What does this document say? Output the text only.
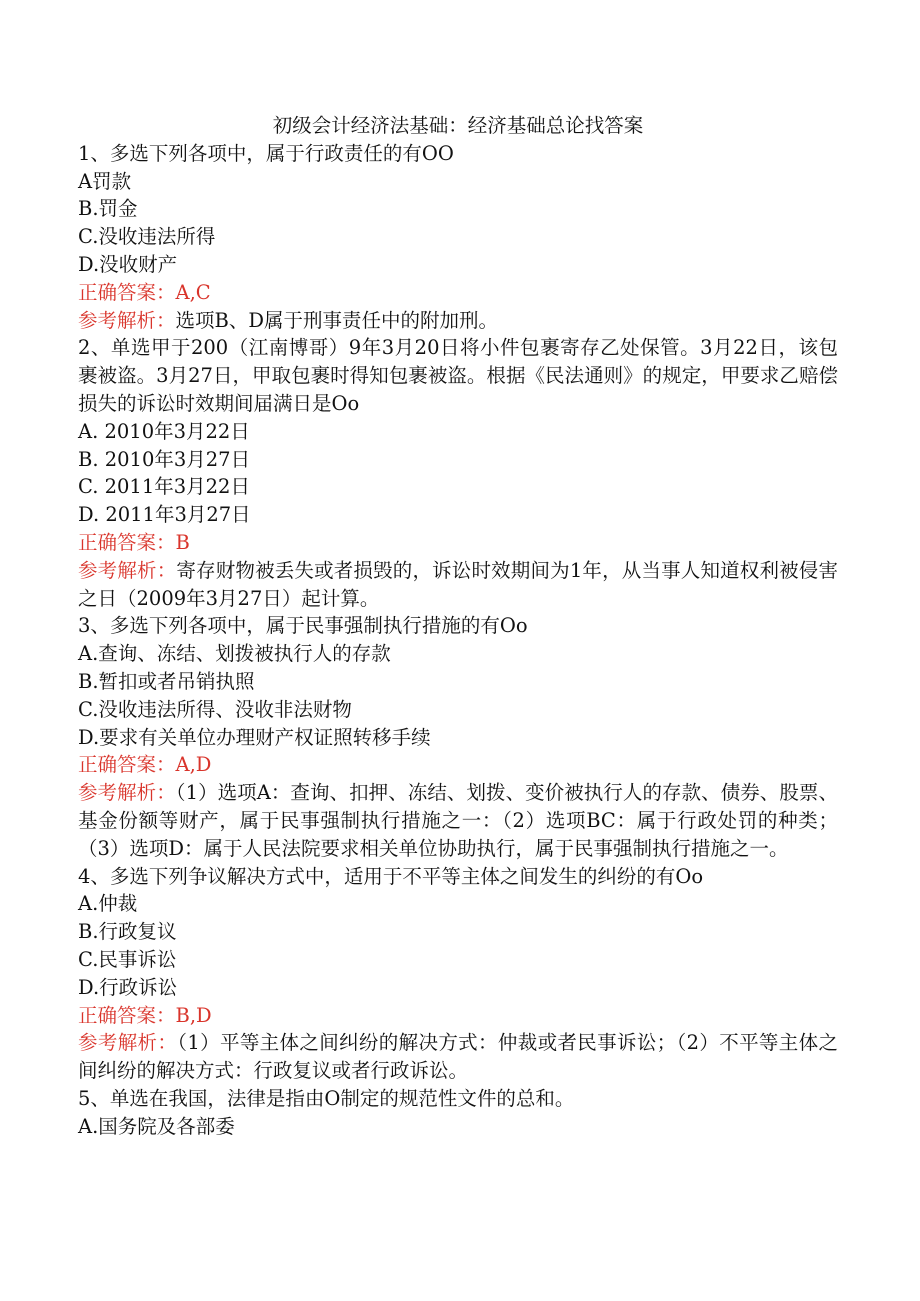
初级会计经济法基础：经济基础总论找答案

1、多选下列各项中，属于行政责任的有OO

A罚款

B.罚金

C.没收违法所得

D.没收财产

正确答案：A,C

参考解析：选项B、D属于刑事责任中的附加刑。

2、单选甲于200（江南博哥）9年3月20日将小件包裹寄存乙处保管。3月22日，该包裹被盗。3月27日，甲取包裹时得知包裹被盗。根据《民法通则》的规定，甲要求乙赔偿损失的诉讼时效期间届满日是Oo

A. 2010年3月22日

B. 2010年3月27日

C. 2011年3月22日

D. 2011年3月27日

正确答案：B

参考解析：寄存财物被丢失或者损毁的，诉讼时效期间为1年，从当事人知道权利被侵害之日（2009年3月27日）起计算。

3、多选下列各项中，属于民事强制执行措施的有Oo

A.查询、冻结、划拨被执行人的存款

B.暂扣或者吊销执照

C.没收违法所得、没收非法财物

D.要求有关单位办理财产权证照转移手续

正确答案：A,D

参考解析：（1）选项A：查询、扣押、冻结、划拨、变价被执行人的存款、债券、股票、基金份额等财产，属于民事强制执行措施之一：（2）选项BC：属于行政处罚的种类；（3）选项D：属于人民法院要求相关单位协助执行，属于民事强制执行措施之一。

4、多选下列争议解决方式中，适用于不平等主体之间发生的纠纷的有Oo

A.仲裁

B.行政复议

C.民事诉讼

D.行政诉讼

正确答案：B,D

参考解析：（1）平等主体之间纠纷的解决方式：仲裁或者民事诉讼；（2）不平等主体之间纠纷的解决方式：行政复议或者行政诉讼。

5、单选在我国，法律是指由O制定的规范性文件的总和。

A.国务院及各部委
